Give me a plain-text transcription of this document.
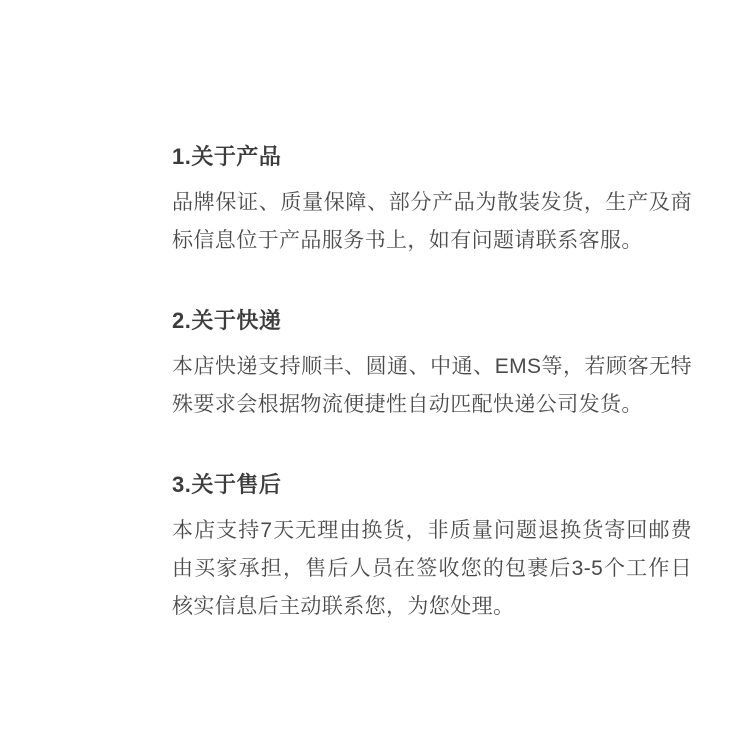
1.关于产品

品牌保证、质量保障、部分产品为散装发货，生产及商标信息位于产品服务书上，如有问题请联系客服。

2.关于快递

本店快递支持顺丰、圆通、中通、EMS等，若顾客无特殊要求会根据物流便捷性自动匹配快递公司发货。

3.关于售后

本店支持7天无理由换货，非质量问题退换货寄回邮费由买家承担，售后人员在签收您的包裹后3-5个工作日核实信息后主动联系您，为您处理。
